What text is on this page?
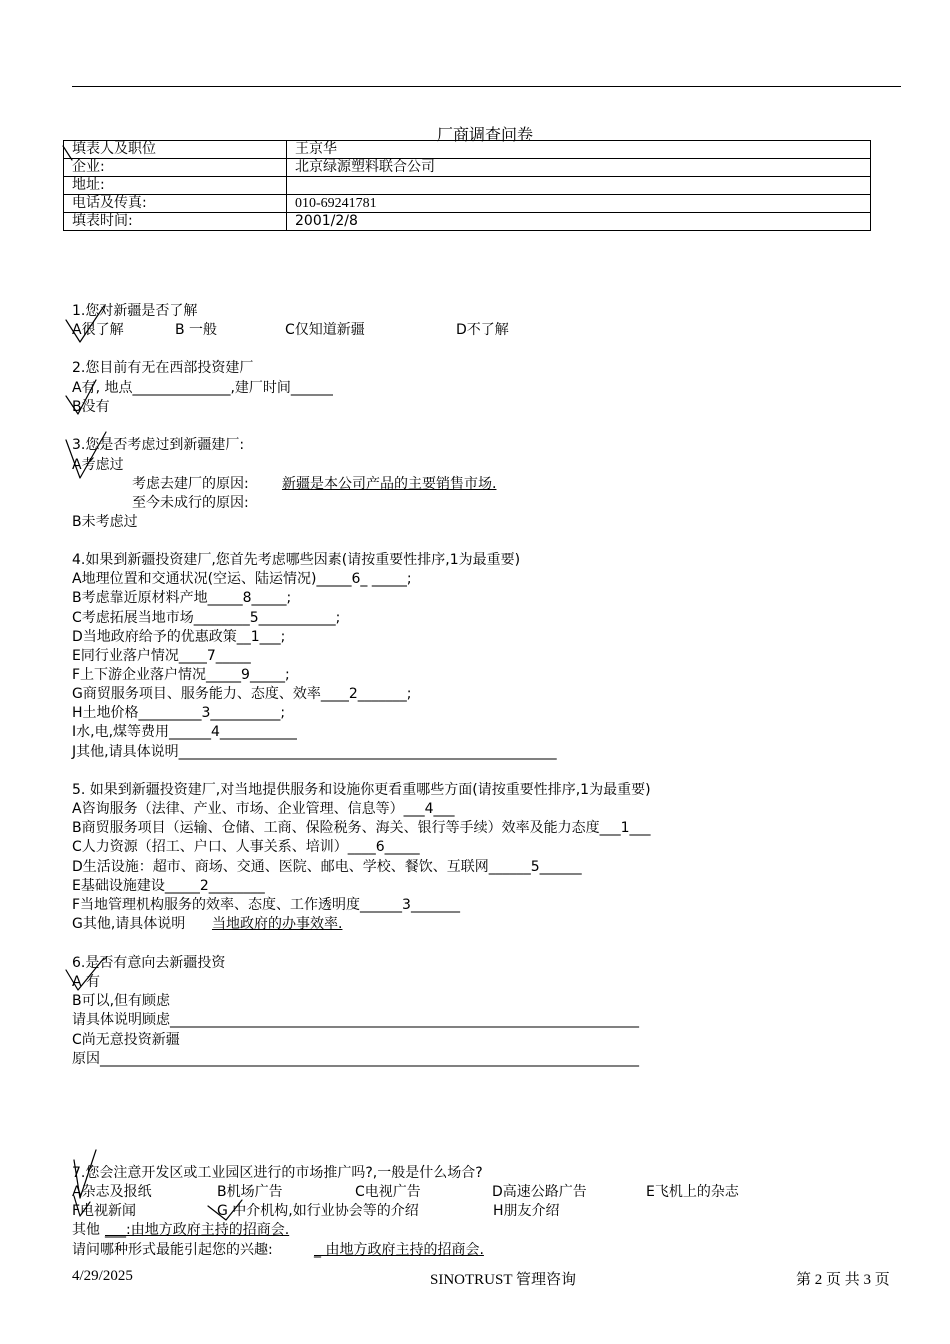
厂商调查问卷
填表人及职位	王京华
企业:	北京绿源塑料联合公司
地址:	
电话及传真:	010-69241781
填表时间:	2001/2/8
1.您对新疆是否了解
A很了解	B 一般	C仅知道新疆	D不了解
2.您目前有无在西部投资建厂
A有, 地点______________,建厂时间______
B没有
3.您是否考虑过到新疆建厂:
A考虑过
考虑去建厂的原因: 新疆是本公司产品的主要销售市场.
至今未成行的原因:
B未考虑过
4.如果到新疆投资建厂,您首先考虑哪些因素(请按重要性排序,1为最重要)
A地理位置和交通状况(空运、陆运情况)_____6_ _____;
B考虑靠近原材料产地_____8_____;
C考虑拓展当地市场________5___________;
D当地政府给予的优惠政策__1___;
E同行业落户情况____7_____
F上下游企业落户情况_____9_____;
G商贸服务项目、服务能力、态度、效率____2_______;
H土地价格_________3__________;
I水,电,煤等费用______4___________
J其他,请具体说明______________________________________________________
5. 如果到新疆投资建厂,对当地提供服务和设施你更看重哪些方面(请按重要性排序,1为最重要)
A咨询服务（法律、产业、市场、企业管理、信息等）___4___
B商贸服务项目（运输、仓储、工商、保险税务、海关、银行等手续）效率及能力态度___1___
C人力资源（招工、户口、人事关系、培训）____6_____
D生活设施：超市、商场、交通、医院、邮电、学校、餐饮、互联网______5______
E基础设施建设_____2________
F当地管理机构服务的效率、态度、工作透明度______3_______
G其他,请具体说明 当地政府的办事效率.
6.是否有意向去新疆投资
A 有
B可以,但有顾虑
请具体说明顾虑___________________________________________________________________
C尚无意投资新疆
原因_____________________________________________________________________________
7.您会注意开发区或工业园区进行的市场推广吗?,一般是什么场合?
A杂志及报纸	B机场广告	C电视广告	D高速公路广告	E飞机上的杂志
F电视新闻	G 中介机构,如行业协会等的介绍	H朋友介绍
其他 ___:由地方政府主持的招商会.
请问哪种形式最能引起您的兴趣:	_ 由地方政府主持的招商会.
4/29/2025	SINOTRUST 管理咨询	第 2 页 共 3 页
